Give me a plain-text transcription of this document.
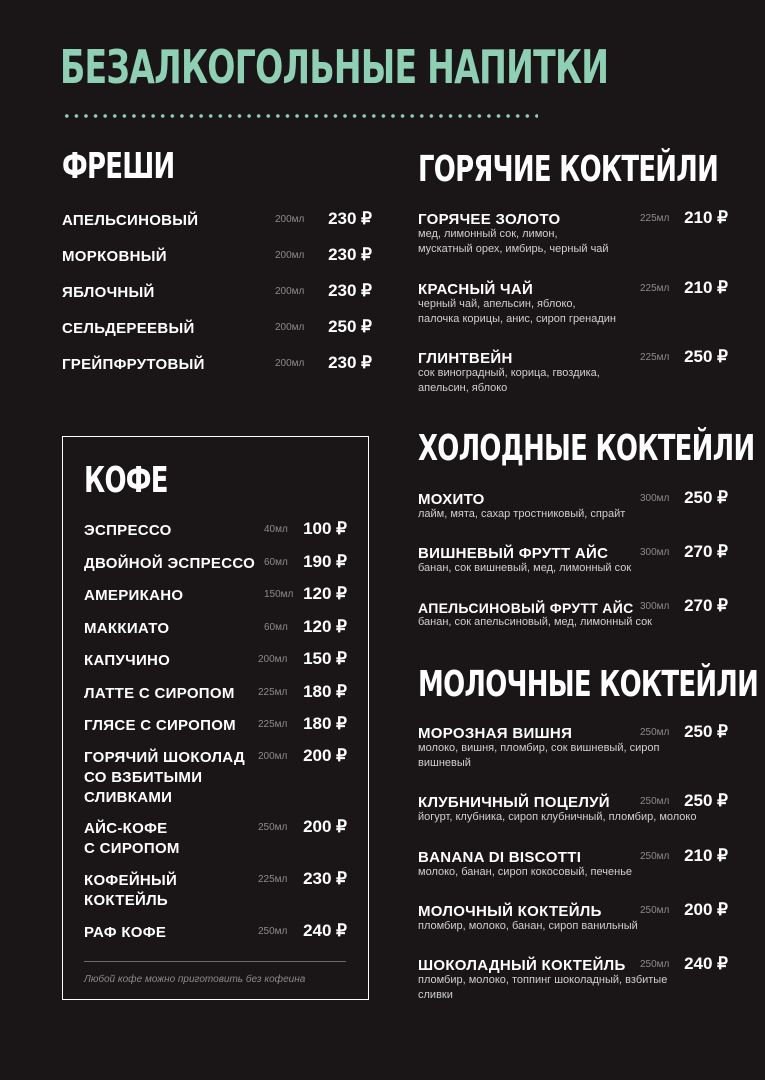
БЕЗАЛКОГОЛЬНЫЕ НАПИТКИ
ФРЕШИ
АПЕЛЬСИНОВЫЙ	200мл 230 ₽
МОРКОВНЫЙ	200мл 230 ₽
ЯБЛОЧНЫЙ	200мл 230 ₽
СЕЛЬДЕРЕЕВЫЙ	200мл 250 ₽
ГРЕЙПФРУТОВЫЙ	200мл 230 ₽
КОФЕ
ЭСПРЕССО	40мл 100 ₽
ДВОЙНОЙ ЭСПРЕССО 60мл 190 ₽
АМЕРИКАНО	150мл 120 ₽
МАККИАТО	60мл 120 ₽
КАПУЧИНО	200мл 150 ₽
ЛАТТЕ С СИРОПОМ 225мл 180 ₽
ГЛЯСЕ С СИРОПОМ 225мл 180 ₽
ГОРЯЧИЙ ШОКОЛАД
СО ВЗБИТЫМИ
СЛИВКАМИ
200мл 200 ₽
АЙС-КОФЕ
С СИРОПОМ
250мл 200 ₽
КОФЕЙНЫЙ
КОКТЕЙЛЬ
225мл 230 ₽
РАФ КОФЕ	250мл 240 ₽
Любой кофе можно приготовить без кофеина
ГОРЯЧИЕ КОКТЕЙЛИ
ГОРЯЧЕЕ ЗОЛОТО	225мл 210 ₽
мед, лимонный сок, лимон,
мускатный орех, имбирь, черный чай
КРАСНЫЙ ЧАЙ	225мл 210 ₽
черный чай, апельсин, яблоко,
палочка корицы, анис, сироп гренадин
ГЛИНТВЕЙН	225мл 250 ₽
сок виноградный, корица, гвоздика,
апельсин, яблоко
ХОЛОДНЫЕ КОКТЕЙЛИ
МОХИТО	300мл 250 ₽
лайм, мята, сахар тростниковый, спрайт
ВИШНЕВЫЙ ФРУТТ АЙС	300мл 270 ₽
банан, сок вишневый, мед, лимонный сок
АПЕЛЬСИНОВЫЙ ФРУТТ АЙС 300мл 270 ₽
банан, сок апельсиновый, мед, лимонный сок
МОЛОЧНЫЕ КОКТЕЙЛИ
МОРОЗНАЯ ВИШНЯ	250мл 250 ₽
молоко, вишня, пломбир, сок вишневый, сироп
вишневый
КЛУБНИЧНЫЙ ПОЦЕЛУЙ	250мл 250 ₽
йогурт, клубника, сироп клубничный, пломбир, молоко
BANANA DI BISCOTTI	250мл 210 ₽
молоко, банан, сироп кокосовый, печенье
МОЛОЧНЫЙ КОКТЕЙЛЬ	250мл 200 ₽
пломбир, молоко, банан, сироп ванильный
ШОКОЛАДНЫЙ КОКТЕЙЛЬ 250мл 240 ₽
пломбир, молоко, топпинг шоколадный, взбитые
сливки
